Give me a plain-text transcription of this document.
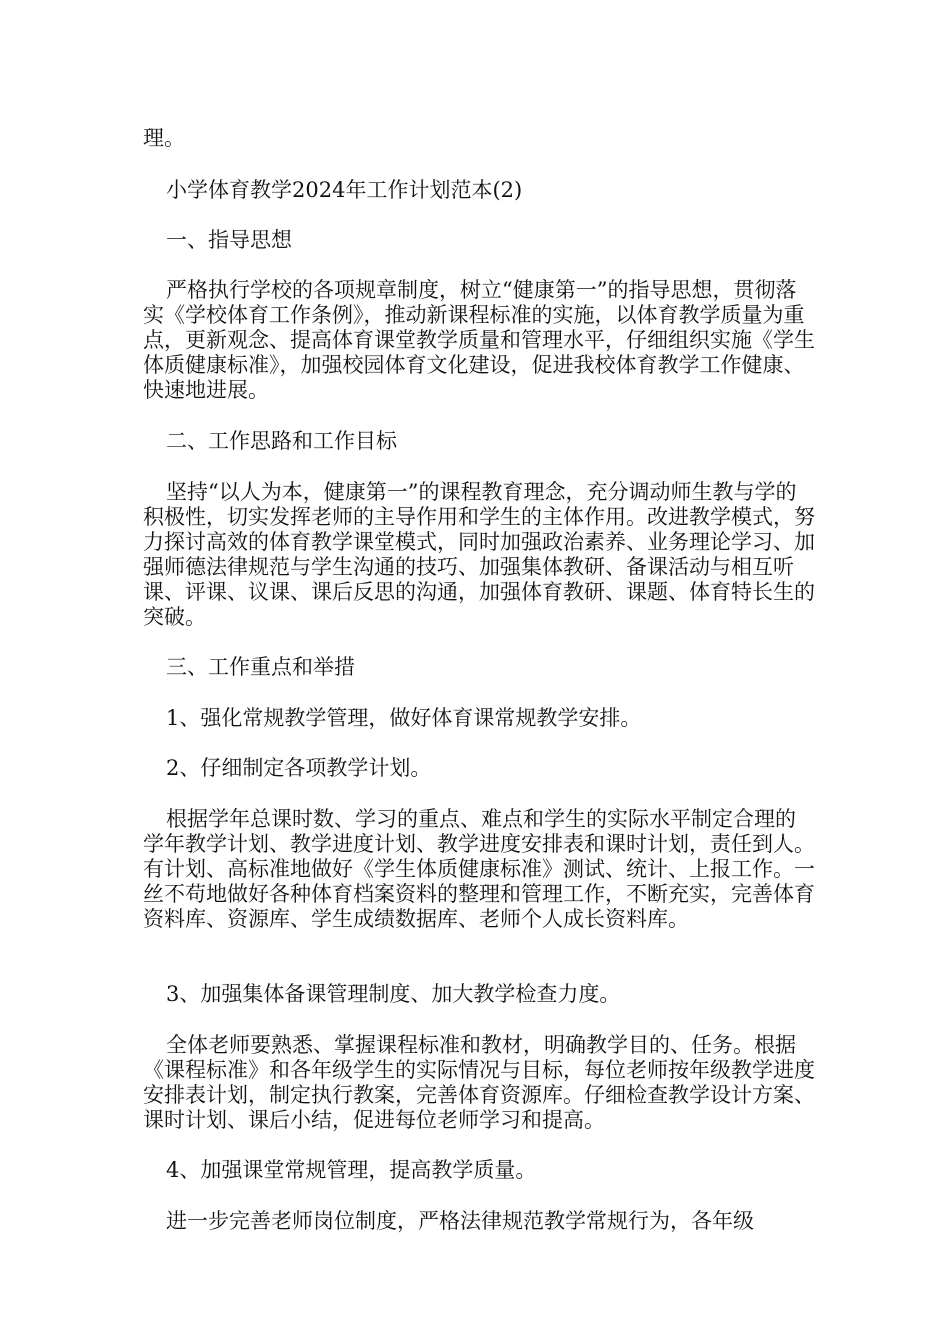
理。

小学体育教学2024年工作计划范本(2)

一、指导思想

严格执行学校的各项规章制度，树立“健康第一”的指导思想，贯彻落实《学校体育工作条例》，推动新课程标准的实施，以体育教学质量为重点，更新观念、提高体育课堂教学质量和管理水平，仔细组织实施《学生体质健康标准》，加强校园体育文化建设，促进我校体育教学工作健康、快速地进展。

二、工作思路和工作目标

坚持“以人为本，健康第一”的课程教育理念，充分调动师生教与学的积极性，切实发挥老师的主导作用和学生的主体作用。改进教学模式，努力探讨高效的体育教学课堂模式，同时加强政治素养、业务理论学习、加强师德法律规范与学生沟通的技巧、加强集体教研、备课活动与相互听课、评课、议课、课后反思的沟通，加强体育教研、课题、体育特长生的突破。

三、工作重点和举措

1、强化常规教学管理，做好体育课常规教学安排。

2、仔细制定各项教学计划。

根据学年总课时数、学习的重点、难点和学生的实际水平制定合理的学年教学计划、教学进度计划、教学进度安排表和课时计划，责任到人。有计划、高标准地做好《学生体质健康标准》测试、统计、上报工作。一丝不苟地做好各种体育档案资料的整理和管理工作，不断充实，完善体育资料库、资源库、学生成绩数据库、老师个人成长资料库。

3、加强集体备课管理制度、加大教学检查力度。

全体老师要熟悉、掌握课程标准和教材，明确教学目的、任务。根据《课程标准》和各年级学生的实际情况与目标，每位老师按年级教学进度安排表计划，制定执行教案，完善体育资源库。仔细检查教学设计方案、课时计划、课后小结，促进每位老师学习和提高。

4、加强课堂常规管理，提高教学质量。

进一步完善老师岗位制度，严格法律规范教学常规行为，各年级
